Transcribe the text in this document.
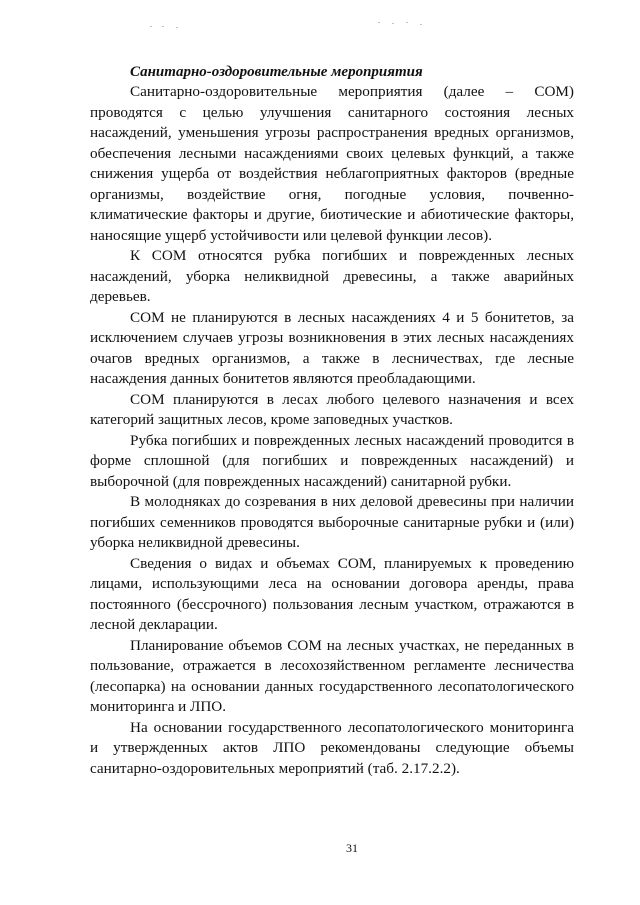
Санитарно-оздоровительные мероприятия

Санитарно-оздоровительные мероприятия (далее – СОМ) проводятся с целью улучшения санитарного состояния лесных насаждений, уменьшения угрозы распространения вредных организмов, обеспечения лесными насаждениями своих целевых функций, а также снижения ущерба от воздействия неблагоприятных факторов (вредные организмы, воздействие огня, погодные условия, почвенно-климатические факторы и другие, биотические и абиотические факторы, наносящие ущерб устойчивости или целевой функции лесов).

К СОМ относятся рубка погибших и поврежденных лесных насаждений, уборка неликвидной древесины, а также аварийных деревьев.

СОМ не планируются в лесных насаждениях 4 и 5 бонитетов, за исключением случаев угрозы возникновения в этих лесных насаждениях очагов вредных организмов, а также в лесничествах, где лесные насаждения данных бонитетов являются преобладающими.

СОМ планируются в лесах любого целевого назначения и всех категорий защитных лесов, кроме заповедных участков.

Рубка погибших и поврежденных лесных насаждений проводится в форме сплошной (для погибших и поврежденных насаждений) и выборочной (для поврежденных насаждений) санитарной рубки.

В молодняках до созревания в них деловой древесины при наличии погибших семенников проводятся выборочные санитарные рубки и (или) уборка неликвидной древесины.

Сведения о видах и объемах СОМ, планируемых к проведению лицами, использующими леса на основании договора аренды, права постоянного (бессрочного) пользования лесным участком, отражаются в лесной декларации.

Планирование объемов СОМ на лесных участках, не переданных в пользование, отражается в лесохозяйственном регламенте лесничества (лесопарка) на основании данных государственного лесопатологического мониторинга и ЛПО.

На основании государственного лесопатологического мониторинга и утвержденных актов ЛПО рекомендованы следующие объемы санитарно-оздоровительных мероприятий (таб. 2.17.2.2).

31
